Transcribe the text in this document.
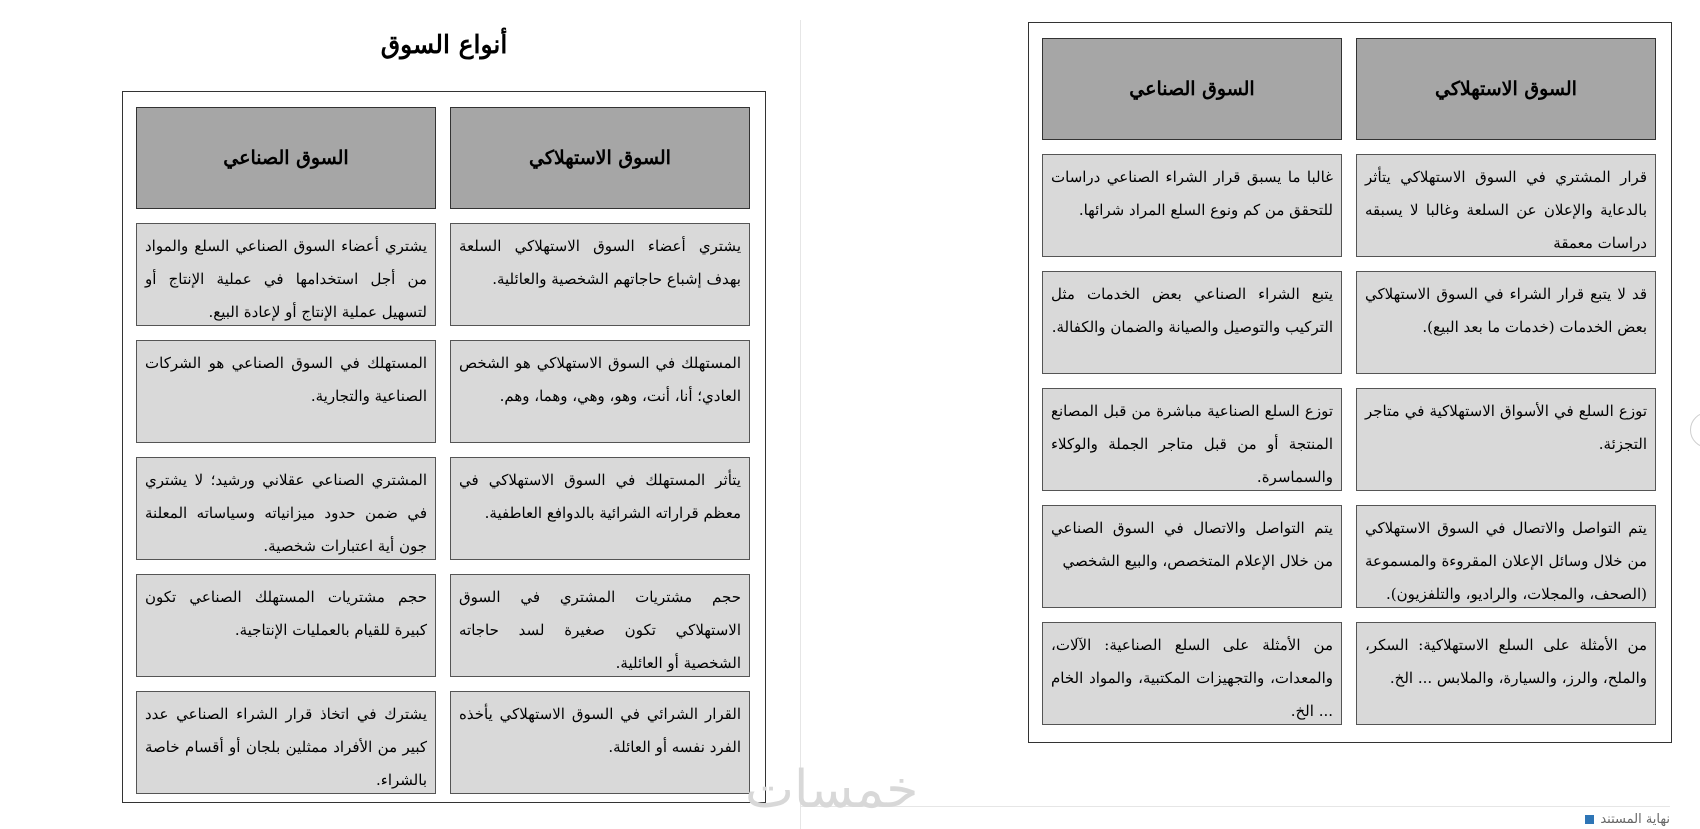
أنواع السوق
السوق الاستهلاكي
السوق الصناعي
يشتري أعضاء السوق الاستهلاكي السلعة بهدف إشباع حاجاتهم الشخصية والعائلية.
يشتري أعضاء السوق الصناعي السلع والمواد من أجل استخدامها في عملية الإنتاج أو لتسهيل عملية الإنتاج أو لإعادة البيع.
المستهلك في السوق الاستهلاكي هو الشخص العادي؛ أنا، أنت، وهو، وهي، وهما، وهم.
المستهلك في السوق الصناعي هو الشركات الصناعية والتجارية.
يتأثر المستهلك في السوق الاستهلاكي في معظم قراراته الشرائية بالدوافع العاطفية.
المشتري الصناعي عقلاني ورشيد؛ لا يشتري في ضمن حدود ميزانياته وسياساته المعلنة جون أية اعتبارات شخصية.
حجم مشتريات المشتري في السوق الاستهلاكي تكون صغيرة لسد حاجاته الشخصية أو العائلية.
حجم مشتريات المستهلك الصناعي تكون كبيرة للقيام بالعمليات الإنتاجية.
القرار الشرائي في السوق الاستهلاكي يأخذه الفرد نفسه أو العائلة.
يشترك في اتخاذ قرار الشراء الصناعي عدد كبير من الأفراد ممثلين بلجان أو أقسام خاصة بالشراء.
السوق الاستهلاكي
السوق الصناعي
قرار المشتري في السوق الاستهلاكي يتأثر بالدعاية والإعلان عن السلعة وغالبا لا يسبقه دراسات معمقة
غالبا ما يسبق قرار الشراء الصناعي دراسات للتحقق من كم ونوع السلع المراد شرائها.
قد لا يتبع قرار الشراء في السوق الاستهلاكي بعض الخدمات (خدمات ما بعد البيع).
يتبع الشراء الصناعي بعض الخدمات مثل التركيب والتوصيل والصيانة والضمان والكفالة.
توزع السلع في الأسواق الاستهلاكية في متاجر التجزئة.
توزع السلع الصناعية مباشرة من قبل المصانع المنتجة أو من قبل متاجر الجملة والوكلاء والسماسرة.
يتم التواصل والاتصال في السوق الاستهلاكي من خلال وسائل الإعلان المقروءة والمسموعة (الصحف، والمجلات، والراديو، والتلفزيون).
يتم التواصل والاتصال في السوق الصناعي من خلال الإعلام المتخصص، والبيع الشخصي
من الأمثلة على السلع الاستهلاكية: السكر، والملح، والرز، والسيارة، والملابس ... الخ.
من الأمثلة على السلع الصناعية: الآلات، والمعدات، والتجهيزات المكتبية، والمواد الخام ... الخ.
خمسات	نهاية المستند
